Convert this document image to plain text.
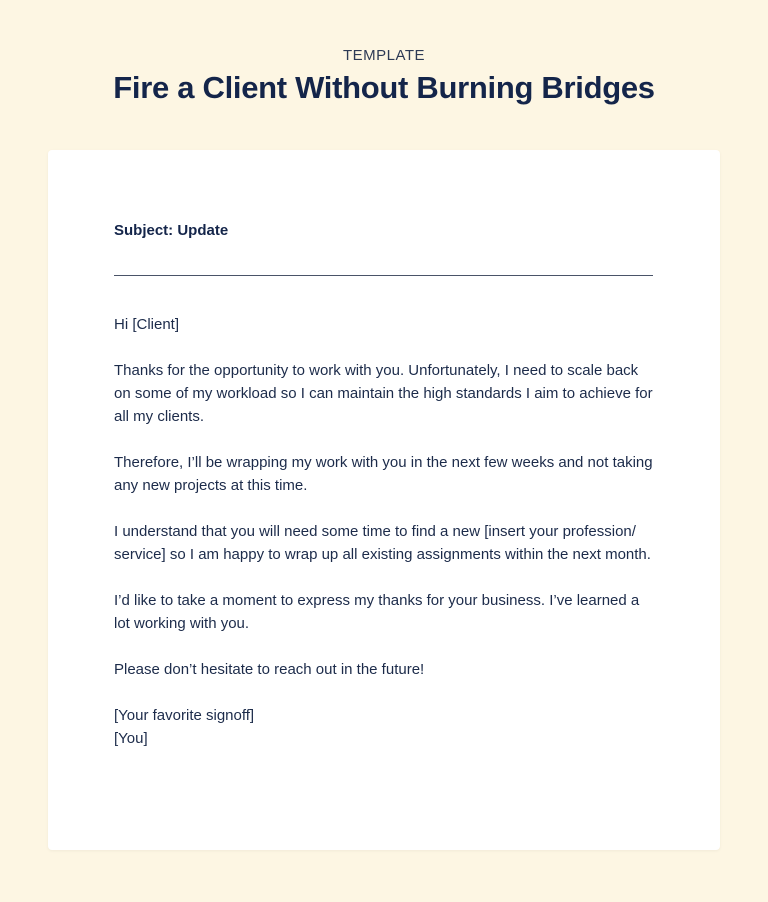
TEMPLATE
Fire a Client Without Burning Bridges
Subject: Update

Hi [Client]

Thanks for the opportunity to work with you. Unfortunately, I need to scale back on some of my workload so I can maintain the high standards I aim to achieve for all my clients.

Therefore, I’ll be wrapping my work with you in the next few weeks and not taking any new projects at this time.

I understand that you will need some time to find a new [insert your profession/ service] so I am happy to wrap up all existing assignments within the next month.

I’d like to take a moment to express my thanks for your business. I’ve learned a lot working with you.

Please don’t hesitate to reach out in the future!

[Your favorite signoff]

[You]
